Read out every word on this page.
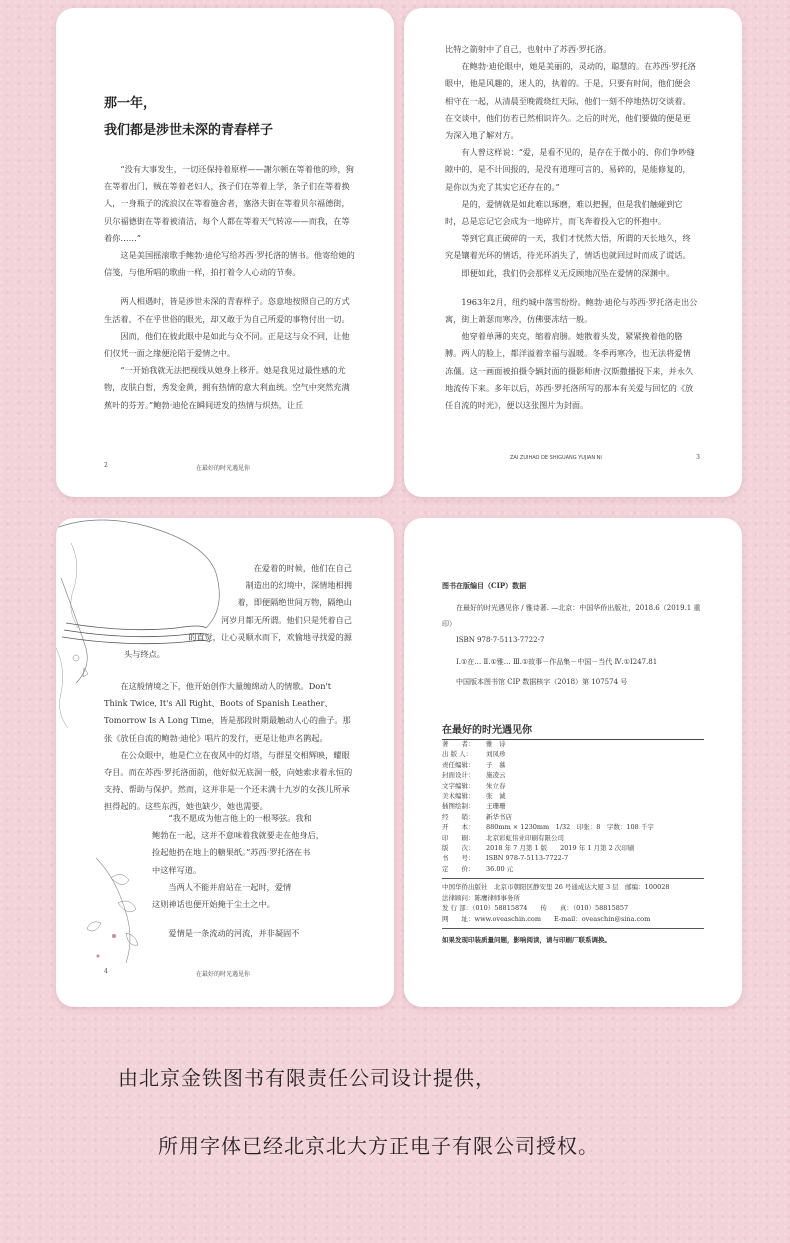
那一年，
我们都是涉世未深的青春样子

“没有大事发生，一切还保持着原样——謝尔顿在等着他的珍，狗在等着出门，贼在等着老妇人，孩子们在等着上学，条子们在等着换人，一身瓶子的流浪汉在等着施舍者，塞洛夫街在等着贝尔福德街，贝尔福德街在等着被清洁，每个人都在等着天气转凉——而我，在等着你……”

这是美国摇滚歌手鲍勃·迪伦写给苏西·罗托洛的情书。他寄给她的信笺，与他所唱的歌曲一样，拍打着令人心动的节奏。

两人相遇时，皆是涉世未深的青春样子。恣意地按照自己的方式生活着，不在乎世俗的眼光，却又敢于为自己所爱的事物付出一切。

因而，他们在彼此眼中是如此与众不同。正是这与众不同，让他们仅凭一面之缘便沦陷于爱情之中。

“一开始我就无法把视线从她身上移开。她是我见过最性感的尤物，皮肤白皙，秀发金黄，拥有热情的意大利血统。空气中突然充满蕉叶的芬芳。”鲍勃·迪伦在瞬间迸发的热情与炽热，让丘

2	在最好的时光遇见你

比特之箭射中了自己，也射中了苏西·罗托洛。

在鲍勃·迪伦眼中，她是美丽的，灵动的，聪慧的。在苏西·罗托洛眼中，他是风趣的，迷人的，执着的。于是，只要有时间，他们便会相守在一起，从清晨至晚霞烧红天际，他们一刻不停地热切交谈着。在交谈中，他们仿若已然相识许久。之后的时光，他们要做的便是更为深入地了解对方。

有人曾这样说：“爱，是看不见的，是存在于微小的、你们争吵缝隙中的，是不计回报的，是没有道理可言的、易碎的，是能修复的，是你以为充了其实它还存在的。”

是的，爱情就是如此难以琢磨，难以把握，但是我们触碰到它时，总是忘记它会成为一地碎片，而飞奔着投入它的怀抱中。

等到它真正破碎的一天，我们才恍然大悟，所谓的天长地久，终究是镶着光环的情话，待光环消失了，情话也就回过时而成了谎话。

即便如此，我们仍会那样义无反顾地沉坠在爱情的深渊中。

1963年2月，纽约城中落雪纷纷。鲍勃·迪伦与苏西·罗托洛走出公寓，街上萧瑟而寒冷，仿佛要冻结一般。

他穿着单薄的夹克，缩着肩膀。她散着头发，紧紧挽着他的胳膊。两人的脸上，都洋溢着幸福与温暖。冬季再寒冷，也无法将爱情冻僵。这一画面被拍摄令辆封面的摄影师唐·汉斯撒播捉下来，并永久地流传下来。多年以后，苏西·罗托洛所写的那本有关爱与回忆的《放任自流的时光》，便以这张图片为封面。

ZAI ZUIHAO DE SHIGUANG YUJIAN NI	3
在爱着的时候，他们在自己
制造出的幻境中，深情地相拥
着，即便隔绝世间万物，隔绝山
河岁月都无所谓。他们只是凭着自己
的直觉，让心灵顺水而下，欢愉地寻找爱的源
头与终点。

在这般情境之下，他开始创作大量缠绵动人的情歌。Don't Think Twice, It's All Right、Boots of Spanish Leather、Tomorrow Is A Long Time，皆是那段时期最触动人心的曲子。那张《放任自流的鲍勃·迪伦》唱片的发行，更是让他声名鹊起。

在公众眼中，他是伫立在夜风中的灯塔，与群星交相辉映，耀眼夺目。而在苏西·罗托洛面前，他好似无底洞一般，向她索求着永恒的支持、帮助与保护。然而，这并非是一个还未满十九岁的女孩儿所承担得起的。这些东西，她也缺少，她也需要。

“我不愿成为他言他上的一根琴弦。我和
鲍勃在一起，这并不意味着我就要走在他身后，
捡起他扔在地上的糖果纸。”苏西·罗托洛在书
中这样写道。
当两人不能并肩站在一起时，爱情
这则神话也便开始掩于尘土之中。
爱情是一条流动的河流，并非凝固不
4	在最好的时光遇见你

图书在版编目（CIP）数据

在最好的时光遇见你 / 雅诗著. —北京：中国华侨出版社，2018.6（2019.1 重印）

ISBN 978-7-5113-7722-7

Ⅰ.①在… Ⅱ.①雅… Ⅲ.①故事－作品集－中国－当代 Ⅳ.①I247.81

中国版本图书馆 CIP 数据核字（2018）第 107574 号

在最好的时光遇见你

著　　者：	雅　诗
出 版 人：	刘凤珍
责任编辑：	子　慕
封面设计：	施凌云
文字编辑：	朱立春
美术编辑：	张　诚
插图绘制：	王珊珊
经　　销：	新华书店
开　　本：	880mm × 1230mm　1/32　印张：8　字数：108 千字
印　　刷：	北京彩虹伟业印刷有限公司
版　　次：	2018 年 7 月第 1 版　　2019 年 1 月第 2 次印刷
书　　号：	ISBN 978-7-5113-7722-7
定　　价：	36.00 元
中国华侨出版社　北京市朝阳区静安里 26 号通成达大厦 3 层　邮编：100028
法律顾问：陈鹰律师事务所
发 行 部：（010）58815874　　传　　真：（010）58815857
网　　址：www.oveaschin.com　　E-mail：oveaschin@sina.com
如果发现印装质量问题，影响阅读，请与印刷厂联系调换。
由北京金铁图书有限责任公司设计提供，
所用字体已经北京北大方正电子有限公司授权。
